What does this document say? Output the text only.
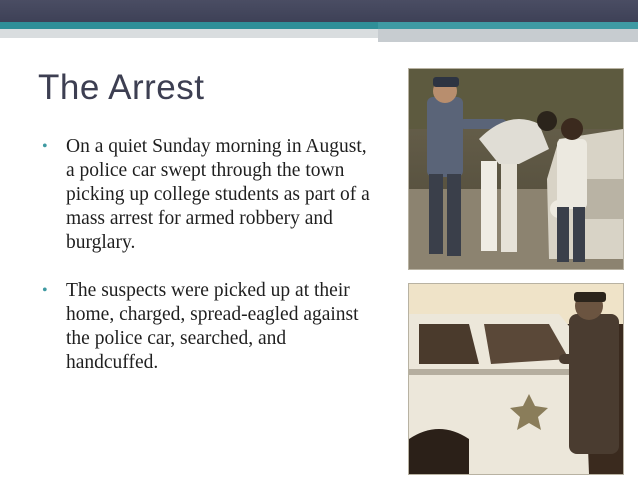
The Arrest
• On a quiet Sunday morning in August, a police car swept through the town picking up college students as part of a mass arrest for armed robbery and burglary.
• The suspects were picked up at their home, charged, spread-eagled against the police car, searched, and handcuffed.
